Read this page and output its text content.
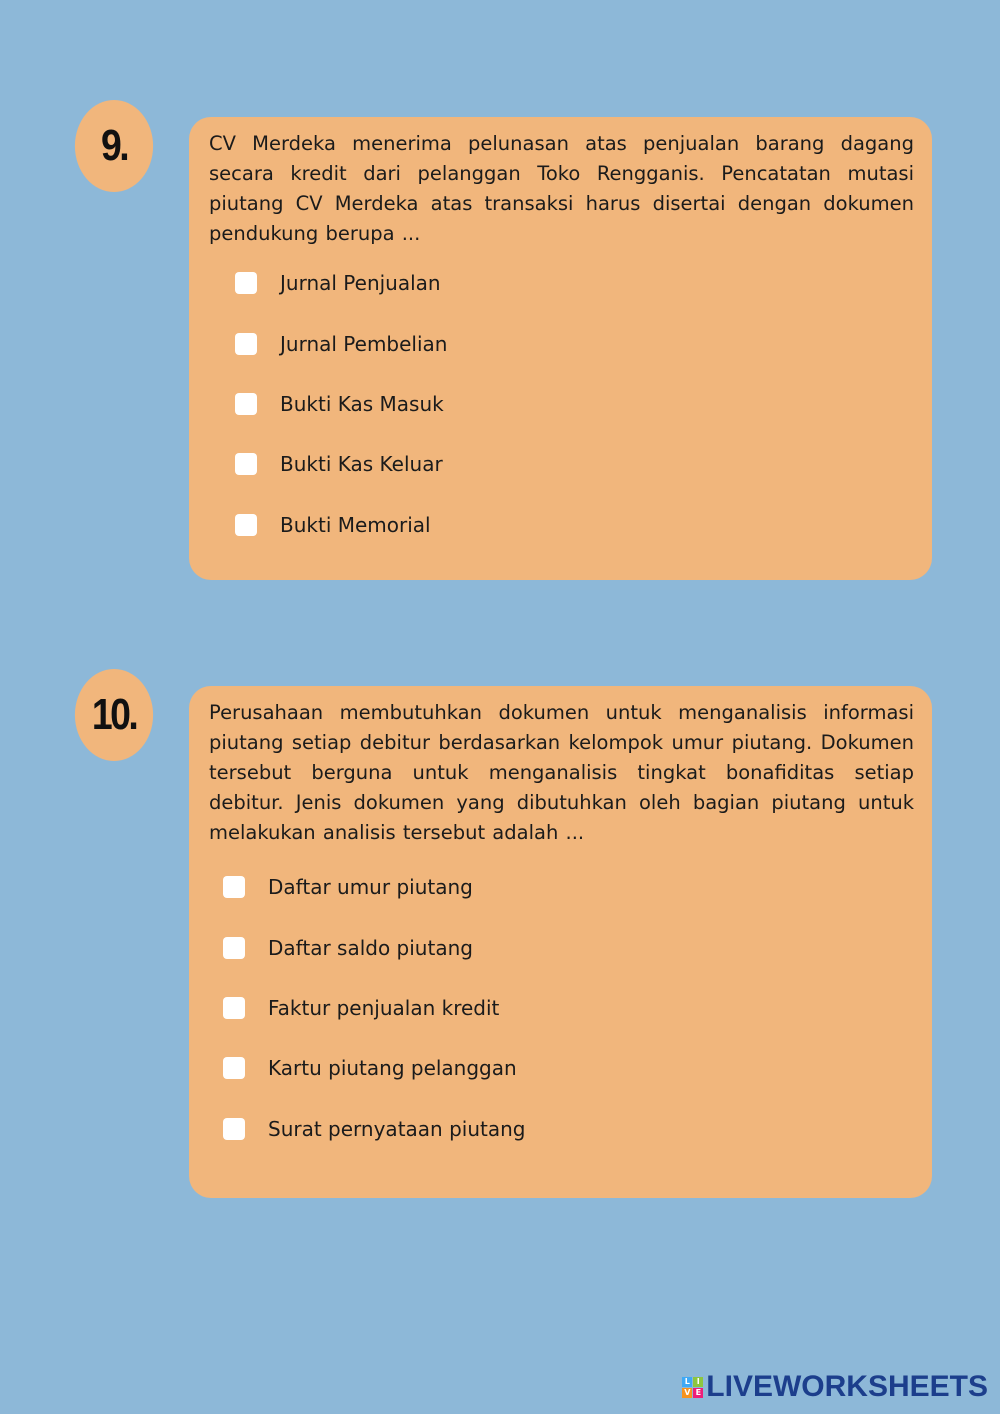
9.	CV Merdeka menerima pelunasan atas penjualan barang dagang secara kredit dari pelanggan Toko Rengganis. Pencatatan mutasi piutang CV Merdeka atas transaksi harus disertai dengan dokumen pendukung berupa ...

Jurnal Penjualan
Jurnal Pembelian
Bukti Kas Masuk
Bukti Kas Keluar
Bukti Memorial
10.	Perusahaan membutuhkan dokumen untuk menganalisis informasi piutang setiap debitur berdasarkan kelompok umur piutang. Dokumen tersebut berguna untuk menganalisis tingkat bonafiditas setiap debitur. Jenis dokumen yang dibutuhkan oleh bagian piutang untuk melakukan analisis tersebut adalah ...

Daftar umur piutang
Daftar saldo piutang
Faktur penjualan kredit
Kartu piutang pelanggan
Surat pernyataan piutang
L I
V E LIVEWORKSHEETS
